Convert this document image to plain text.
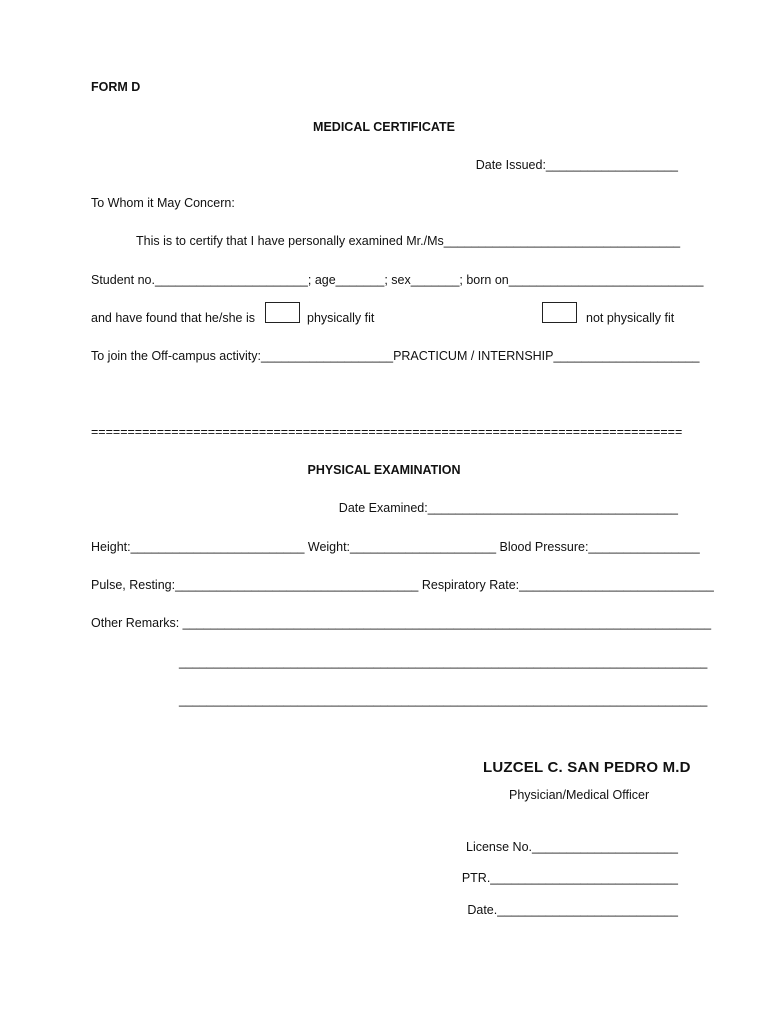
FORM D
MEDICAL CERTIFICATE
Date Issued:___________________
To Whom it May Concern:
This is to certify that I have personally examined Mr./Ms__________________________________
Student no.______________________; age_______; sex_______; born on____________________________
and have found that he/she is	physically fit	not physically fit
To join the Off-campus activity:___________________PRACTICUM / INTERNSHIP_____________________
=================================================================================
PHYSICAL EXAMINATION
Date Examined:____________________________________
Height:_________________________ Weight:_____________________ Blood Pressure:________________
Pulse, Resting:___________________________________ Respiratory Rate:____________________________
Other Remarks: ____________________________________________________________________________
____________________________________________________________________________
____________________________________________________________________________
LUZCEL C. SAN PEDRO M.D
Physician/Medical Officer
License No._____________________
PTR.___________________________
Date.__________________________
